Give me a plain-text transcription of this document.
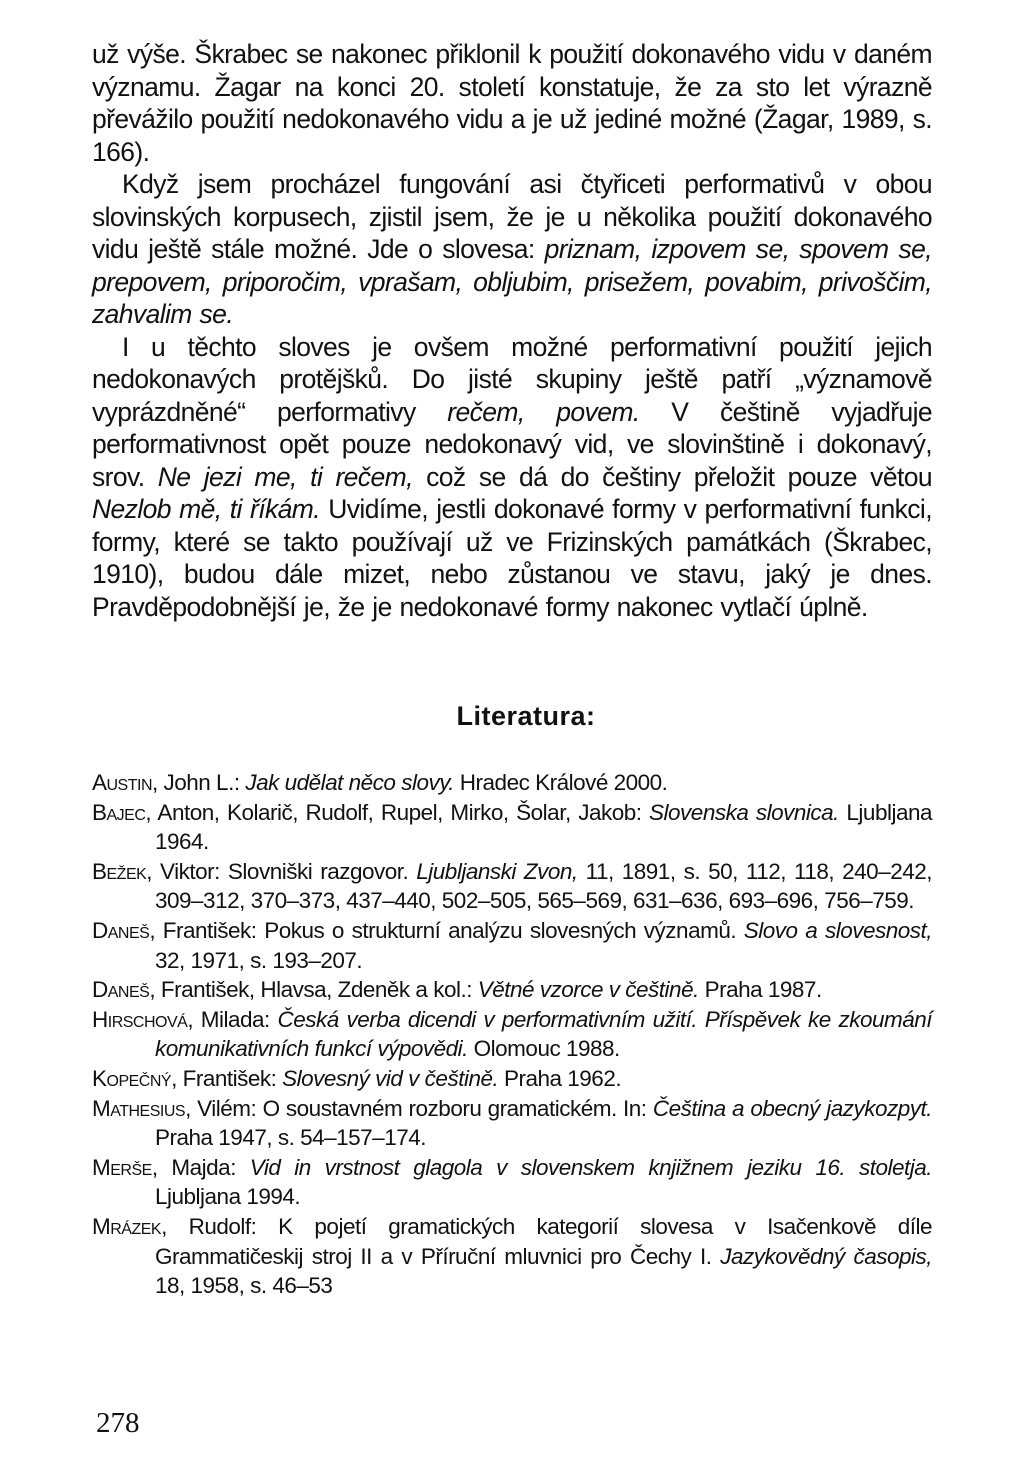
už výše. Škrabec se nakonec přiklonil k použití dokonavého vidu v daném významu. Žagar na konci 20. století konstatuje, že za sto let výrazně převážilo použití nedokonavého vidu a je už jediné možné (Žagar, 1989, s. 166).

Když jsem procházel fungování asi čtyřiceti performativů v obou slovinských korpusech, zjistil jsem, že je u několika použití dokonavého vidu ještě stále možné. Jde o slovesa: priznam, izpovem se, spovem se, prepovem, priporočim, vprašam, obljubim, prisežem, povabim, privoščim, zahvalim se.

I u těchto sloves je ovšem možné performativní použití jejich nedokonavých protějšků. Do jisté skupiny ještě patří „významově vyprázdněné“ performativy rečem, povem. V češtině vyjadřuje performativnost opět pouze nedokonavý vid, ve slovinštině i dokonavý, srov. Ne jezi me, ti rečem, což se dá do češtiny přeložit pouze větou Nezlob mě, ti říkám. Uvidíme, jestli dokonavé formy v performativní funkci, formy, které se takto používají už ve Frizinských památkách (Škrabec, 1910), budou dále mizet, nebo zůstanou ve stavu, jaký je dnes. Pravděpodobnější je, že je nedokonavé formy nakonec vytlačí úplně.

Literatura:

Austin, John L.: Jak udělat něco slovy. Hradec Králové 2000.

Bajec, Anton, Kolarič, Rudolf, Rupel, Mirko, Šolar, Jakob: Slovenska slovnica. Ljubljana 1964.

Bežek, Viktor: Slovniški razgovor. Ljubljanski Zvon, 11, 1891, s. 50, 112, 118, 240–242, 309–312, 370–373, 437–440, 502–505, 565–569, 631–636, 693–696, 756–759.

Daneš, František: Pokus o strukturní analýzu slovesných významů. Slovo a slovesnost, 32, 1971, s. 193–207.

Daneš, František, Hlavsa, Zdeněk a kol.: Větné vzorce v češtině. Praha 1987.

Hirschová, Milada: Česká verba dicendi v performativním užití. Příspěvek ke zkoumání komunikativních funkcí výpovědi. Olomouc 1988.

Kopečný, František: Slovesný vid v češtině. Praha 1962.

Mathesius, Vilém: O soustavném rozboru gramatickém. In: Čeština a obecný jazykozpyt. Praha 1947, s. 54–157–174.

Merše, Majda: Vid in vrstnost glagola v slovenskem knjižnem jeziku 16. stoletja. Ljubljana 1994.

Mrázek, Rudolf: K pojetí gramatických kategorií slovesa v Isačenkově díle Grammatičeskij stroj II a v Příruční mluvnici pro Čechy I. Jazykovědný časopis, 18, 1958, s. 46–53

278
